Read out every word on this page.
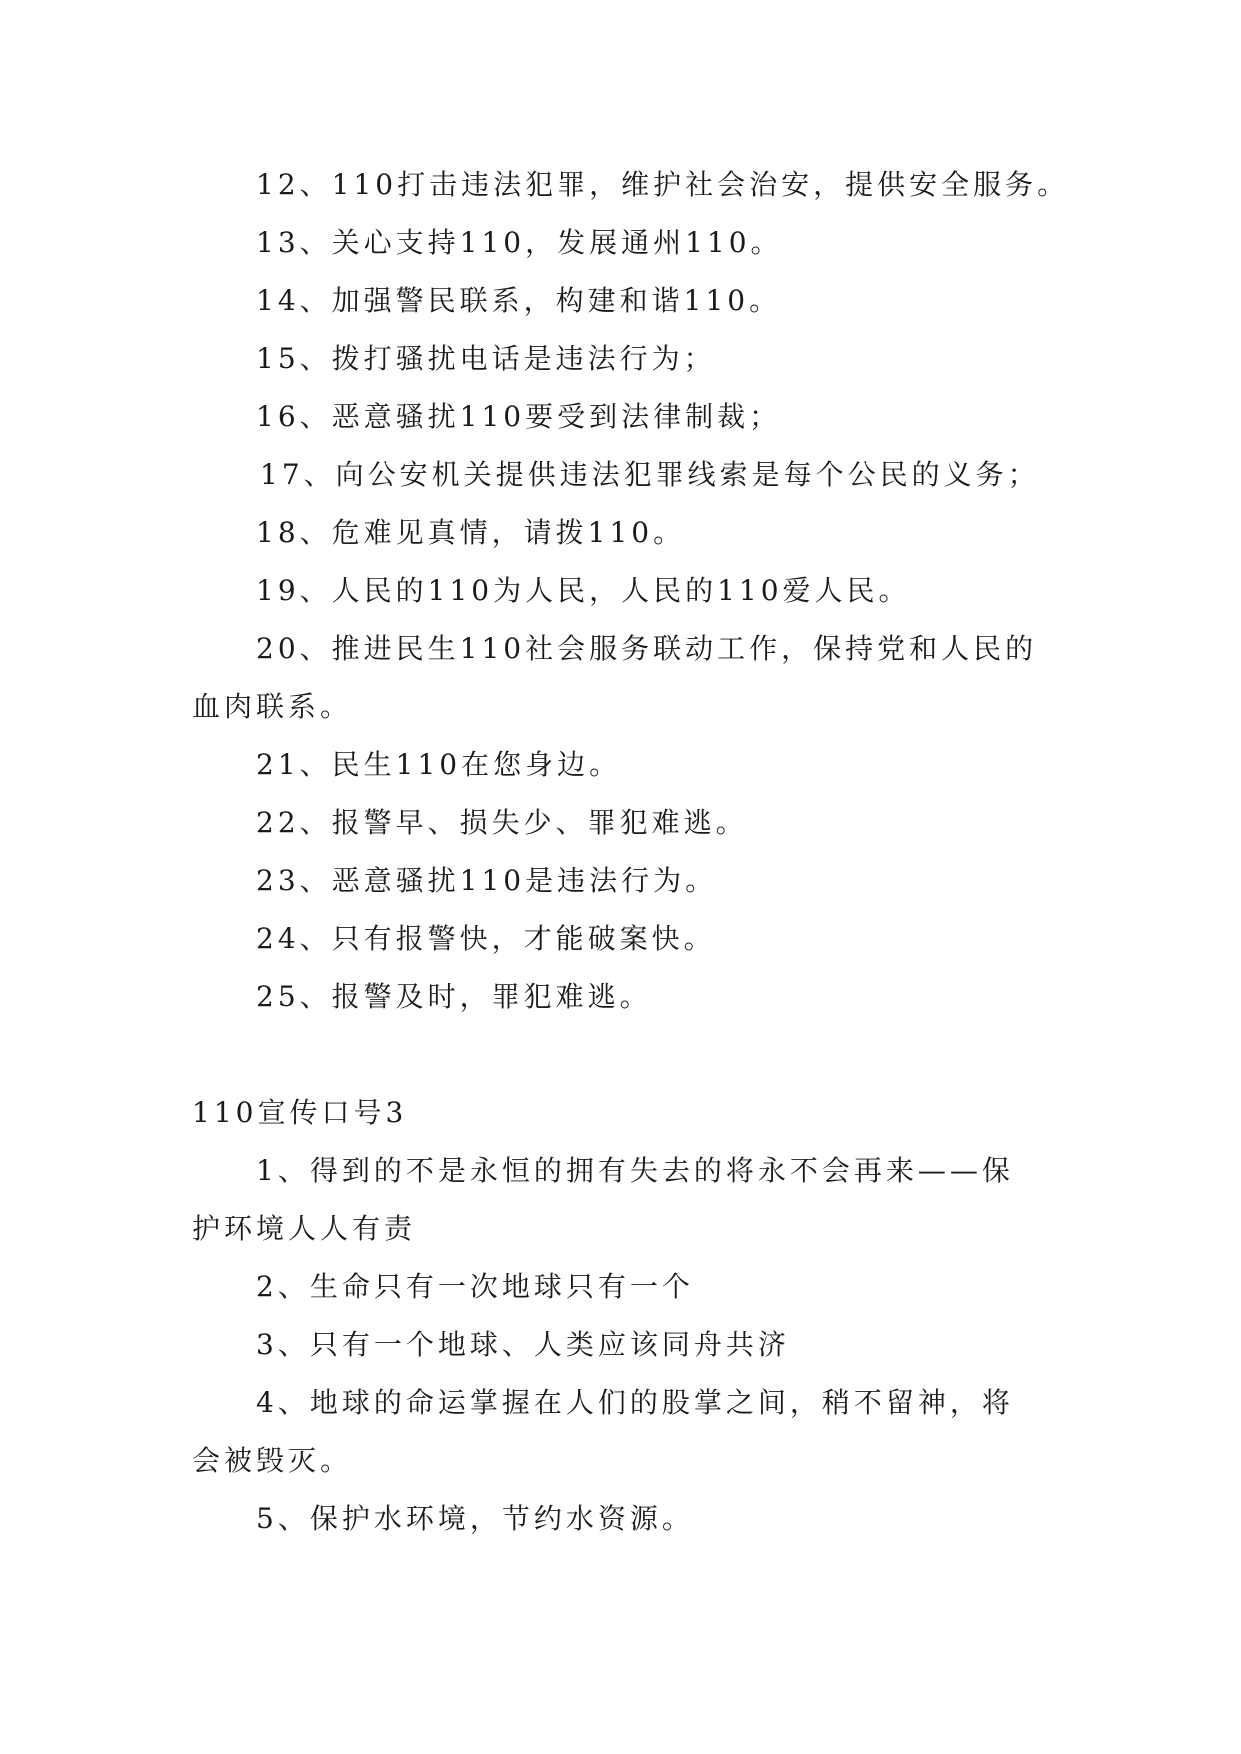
12、110打击违法犯罪，维护社会治安，提供安全服务。
13、关心支持110，发展通州110。
14、加强警民联系，构建和谐110。
15、拨打骚扰电话是违法行为；
16、恶意骚扰110要受到法律制裁；
17、向公安机关提供违法犯罪线索是每个公民的义务；
18、危难见真情，请拨110。
19、人民的110为人民，人民的110爱人民。
20、推进民生110社会服务联动工作，保持党和人民的
血肉联系。
21、民生110在您身边。
22、报警早、损失少、罪犯难逃。
23、恶意骚扰110是违法行为。
24、只有报警快，才能破案快。
25、报警及时，罪犯难逃。
110宣传口号3
1、得到的不是永恒的拥有失去的将永不会再来——保
护环境人人有责
2、生命只有一次地球只有一个
3、只有一个地球、人类应该同舟共济
4、地球的命运掌握在人们的股掌之间，稍不留神，将
会被毁灭。
5、保护水环境，节约水资源。
